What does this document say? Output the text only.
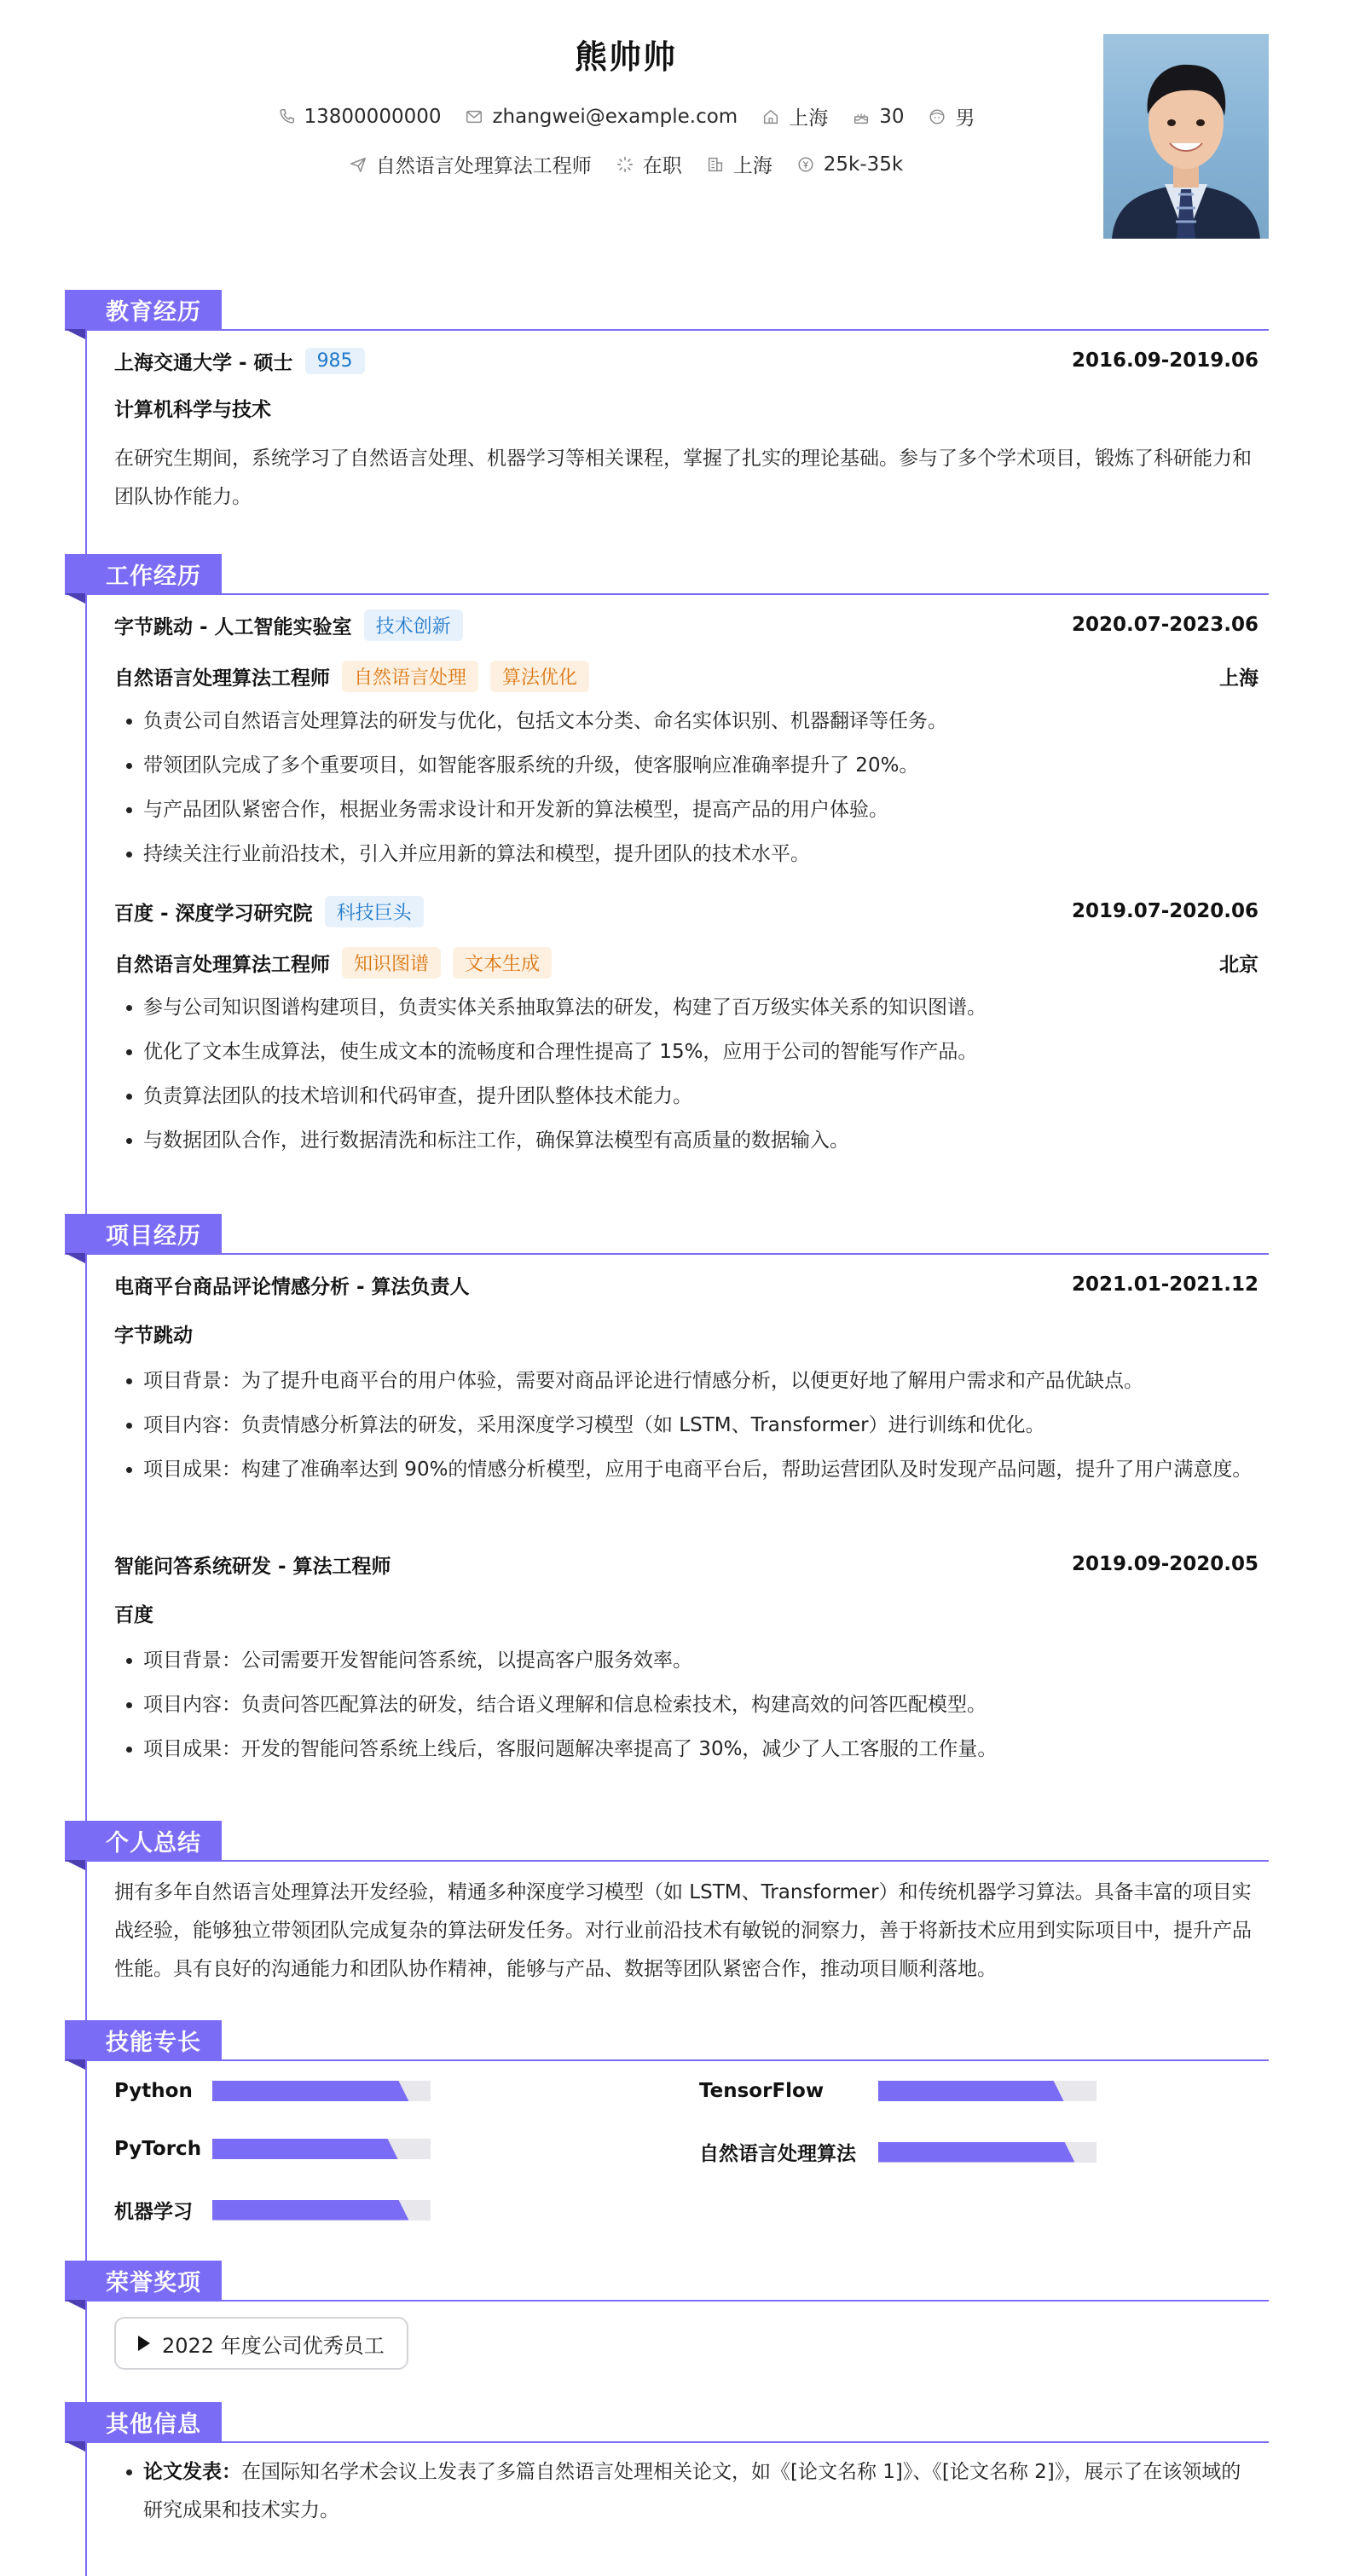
熊帅帅
13800000000	zhangwei@example.com	上海	30	男
自然语言处理算法工程师	在职	上海	25k-35k
教育经历
上海交通大学 - 硕士	985	2016.09-2019.06
计算机科学与技术
在研究生期间，系统学习了自然语言处理、机器学习等相关课程，掌握了扎实的理论基础。参与了多个学术项目，锻炼了科研能力和团队协作能力。
工作经历
字节跳动 - 人工智能实验室	技术创新	2020.07-2023.06
自然语言处理算法工程师	自然语言处理	算法优化	上海
• 负责公司自然语言处理算法的研发与优化，包括文本分类、命名实体识别、机器翻译等任务。
• 带领团队完成了多个重要项目，如智能客服系统的升级，使客服响应准确率提升了 20%。
• 与产品团队紧密合作，根据业务需求设计和开发新的算法模型，提高产品的用户体验。
• 持续关注行业前沿技术，引入并应用新的算法和模型，提升团队的技术水平。
百度 - 深度学习研究院	科技巨头	2019.07-2020.06
自然语言处理算法工程师	知识图谱	文本生成	北京
• 参与公司知识图谱构建项目，负责实体关系抽取算法的研发，构建了百万级实体关系的知识图谱。
• 优化了文本生成算法，使生成文本的流畅度和合理性提高了 15%，应用于公司的智能写作产品。
• 负责算法团队的技术培训和代码审查，提升团队整体技术能力。
• 与数据团队合作，进行数据清洗和标注工作，确保算法模型有高质量的数据输入。
项目经历
电商平台商品评论情感分析 - 算法负责人	2021.01-2021.12
字节跳动
• 项目背景：为了提升电商平台的用户体验，需要对商品评论进行情感分析，以便更好地了解用户需求和产品优缺点。
• 项目内容：负责情感分析算法的研发，采用深度学习模型（如 LSTM、Transformer）进行训练和优化。
• 项目成果：构建了准确率达到 90%的情感分析模型，应用于电商平台后，帮助运营团队及时发现产品问题，提升了用户满意度。
智能问答系统研发 - 算法工程师	2019.09-2020.05
百度
• 项目背景：公司需要开发智能问答系统，以提高客户服务效率。
• 项目内容：负责问答匹配算法的研发，结合语义理解和信息检索技术，构建高效的问答匹配模型。
• 项目成果：开发的智能问答系统上线后，客服问题解决率提高了 30%，减少了人工客服的工作量。
个人总结
拥有多年自然语言处理算法开发经验，精通多种深度学习模型（如 LSTM、Transformer）和传统机器学习算法。具备丰富的项目实战经验，能够独立带领团队完成复杂的算法研发任务。对行业前沿技术有敏锐的洞察力，善于将新技术应用到实际项目中，提升产品性能。具有良好的沟通能力和团队协作精神，能够与产品、数据等团队紧密合作，推动项目顺利落地。
技能专长
Python	TensorFlow
PyTorch	自然语言处理算法
机器学习
荣誉奖项
2022 年度公司优秀员工
其他信息
• 论文发表：在国际知名学术会议上发表了多篇自然语言处理相关论文，如《[论文名称 1]》、《[论文名称 2]》，展示了在该领域的研究成果和技术实力。
